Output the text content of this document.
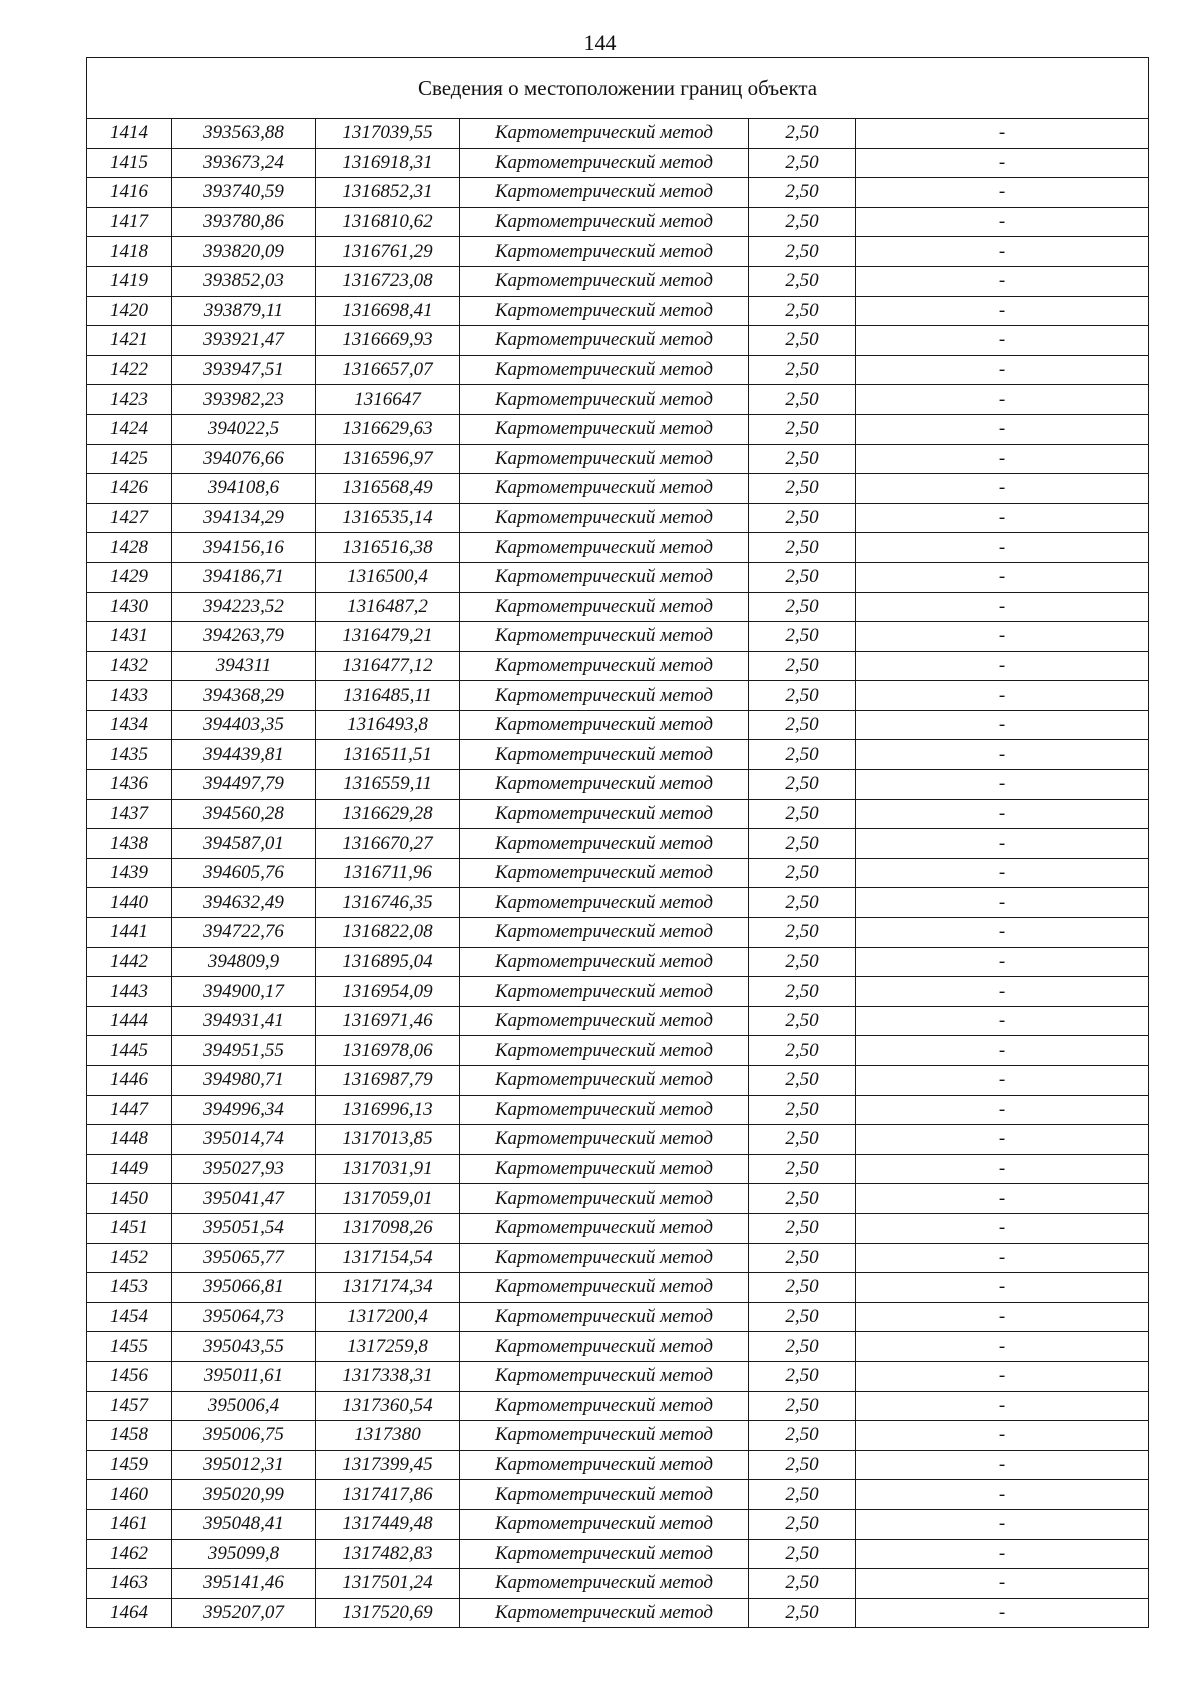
144
Сведения о местоположении границ объекта					
1414	393563,88	1317039,55	Картометрический метод	2,50	-
1415	393673,24	1316918,31	Картометрический метод	2,50	-
1416	393740,59	1316852,31	Картометрический метод	2,50	-
1417	393780,86	1316810,62	Картометрический метод	2,50	-
1418	393820,09	1316761,29	Картометрический метод	2,50	-
1419	393852,03	1316723,08	Картометрический метод	2,50	-
1420	393879,11	1316698,41	Картометрический метод	2,50	-
1421	393921,47	1316669,93	Картометрический метод	2,50	-
1422	393947,51	1316657,07	Картометрический метод	2,50	-
1423	393982,23	1316647	Картометрический метод	2,50	-
1424	394022,5	1316629,63	Картометрический метод	2,50	-
1425	394076,66	1316596,97	Картометрический метод	2,50	-
1426	394108,6	1316568,49	Картометрический метод	2,50	-
1427	394134,29	1316535,14	Картометрический метод	2,50	-
1428	394156,16	1316516,38	Картометрический метод	2,50	-
1429	394186,71	1316500,4	Картометрический метод	2,50	-
1430	394223,52	1316487,2	Картометрический метод	2,50	-
1431	394263,79	1316479,21	Картометрический метод	2,50	-
1432	394311	1316477,12	Картометрический метод	2,50	-
1433	394368,29	1316485,11	Картометрический метод	2,50	-
1434	394403,35	1316493,8	Картометрический метод	2,50	-
1435	394439,81	1316511,51	Картометрический метод	2,50	-
1436	394497,79	1316559,11	Картометрический метод	2,50	-
1437	394560,28	1316629,28	Картометрический метод	2,50	-
1438	394587,01	1316670,27	Картометрический метод	2,50	-
1439	394605,76	1316711,96	Картометрический метод	2,50	-
1440	394632,49	1316746,35	Картометрический метод	2,50	-
1441	394722,76	1316822,08	Картометрический метод	2,50	-
1442	394809,9	1316895,04	Картометрический метод	2,50	-
1443	394900,17	1316954,09	Картометрический метод	2,50	-
1444	394931,41	1316971,46	Картометрический метод	2,50	-
1445	394951,55	1316978,06	Картометрический метод	2,50	-
1446	394980,71	1316987,79	Картометрический метод	2,50	-
1447	394996,34	1316996,13	Картометрический метод	2,50	-
1448	395014,74	1317013,85	Картометрический метод	2,50	-
1449	395027,93	1317031,91	Картометрический метод	2,50	-
1450	395041,47	1317059,01	Картометрический метод	2,50	-
1451	395051,54	1317098,26	Картометрический метод	2,50	-
1452	395065,77	1317154,54	Картометрический метод	2,50	-
1453	395066,81	1317174,34	Картометрический метод	2,50	-
1454	395064,73	1317200,4	Картометрический метод	2,50	-
1455	395043,55	1317259,8	Картометрический метод	2,50	-
1456	395011,61	1317338,31	Картометрический метод	2,50	-
1457	395006,4	1317360,54	Картометрический метод	2,50	-
1458	395006,75	1317380	Картометрический метод	2,50	-
1459	395012,31	1317399,45	Картометрический метод	2,50	-
1460	395020,99	1317417,86	Картометрический метод	2,50	-
1461	395048,41	1317449,48	Картометрический метод	2,50	-
1462	395099,8	1317482,83	Картометрический метод	2,50	-
1463	395141,46	1317501,24	Картометрический метод	2,50	-
1464	395207,07	1317520,69	Картометрический метод	2,50	-
